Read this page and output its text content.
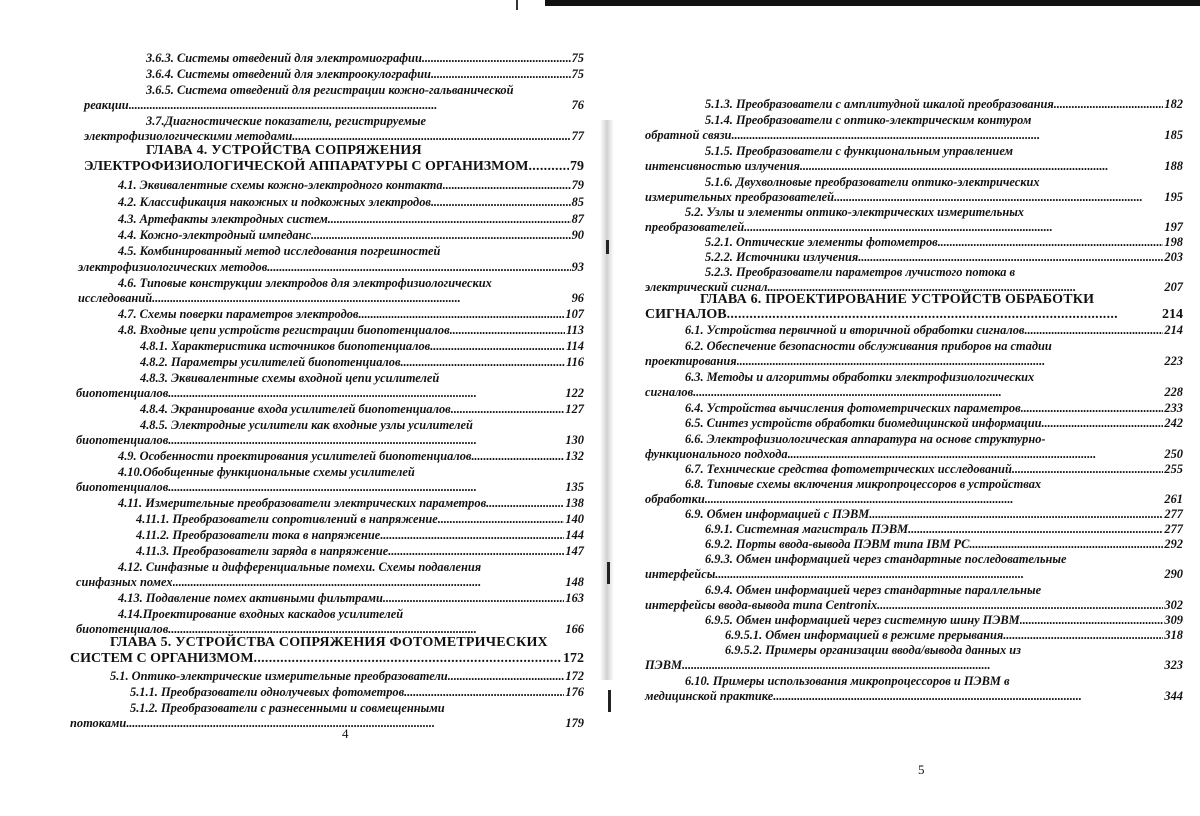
3.6.3. Системы отведений для электромиографии . . .	75
3.6.4. Системы отведений для электроокулографии . . .	75
3.6.5. Система отведений для регистрации кожно-гальванической
реакции . . .	76
3.7.Диагностические показатели, регистрируемые
электрофизиологическими методами . . .	77
ГЛАВА 4. УСТРОЙСТВА СОПРЯЖЕНИЯ
ЭЛЕКТРОФИЗИОЛОГИЧЕСКОЙ АППАРАТУРЫ С ОРГАНИЗМОМ . . .	79
4.1. Эквивалентные схемы кожно-электродного контакта . . .	79
4.2. Классификация накожных и подкожных электродов . . .	85
4.3. Артефакты электродных систем . . .	87
4.4. Кожно-электродный импеданс . . .	90
4.5. Комбинированный метод исследования погрешностей
электрофизиологических методов . . .	93
4.6. Типовые конструкции электродов для электрофизиологических
исследований . . .	96
4.7. Схемы поверки параметров электродов . . .	107
4.8. Входные цепи устройств регистрации биопотенциалов . . .	113
4.8.1. Характеристика источников биопотенциалов . . .	114
4.8.2. Параметры усилителей биопотенциалов . . .	116
4.8.3. Эквивалентные схемы входной цепи усилителей
биопотенциалов . . .	122
4.8.4. Экранирование входа усилителей биопотенциалов . . .	127
4.8.5. Электродные усилители как входные узлы усилителей
биопотенциалов . . .	130
4.9. Особенности проектирования усилителей биопотенциалов . . .	132
4.10.Обобщенные функциональные схемы усилителей
биопотенциалов . . .	135
4.11. Измерительные преобразователи электрических параметров . . .	138
4.11.1. Преобразователи сопротивлений в напряжение . . .	140
4.11.2. Преобразователи тока в напряжение . . .	144
4.11.3. Преобразователи заряда в напряжение . . .	147
4.12. Синфазные и дифференциальные помехи. Схемы подавления
синфазных помех . . .	148
4.13. Подавление помех активными фильтрами . . .	163
4.14.Проектирование входных каскадов усилителей
биопотенциалов . . .	166
ГЛАВА 5. УСТРОЙСТВА СОПРЯЖЕНИЯ ФОТОМЕТРИЧЕСКИХ
СИСТЕМ С ОРГАНИЗМОМ . . .	172
5.1. Оптико-электрические измерительные преобразователи . . .	172
5.1.1. Преобразователи однолучевых фотометров . . .	176
5.1.2. Преобразователи с разнесенными и совмещенными
потоками . . .	179
4
5.1.3. Преобразователи с амплитудной шкалой преобразования . . .	182
5.1.4. Преобразователи с оптико-электрическим контуром
обратной связи . . .	185
5.1.5. Преобразователи с функциональным управлением
интенсивностью излучения . . .	188
5.1.6. Двухволновые преобразователи оптико-электрических
измерительных преобразователей . . .	195
5.2. Узлы и элементы оптико-электрических измерительных
преобразователей . . .	197
5.2.1. Оптические элементы фотометров . . .	198
5.2.2. Источники излучения . . .	203
5.2.3. Преобразователи параметров лучистого потока в
электрический сигнал . . .	207
ГЛАВА 6. ПРОЕКТИРОВАНИЕ УСТРОЙСТВ ОБРАБОТКИ
СИГНАЛОВ . . .	214
6.1. Устройства первичной и вторичной обработки сигналов . . .	214
6.2. Обеспечение безопасности обслуживания приборов на стадии
проектирования . . .	223
6.3. Методы и алгоритмы обработки электрофизиологических
сигналов . . .	228
6.4. Устройства вычисления фотометрических параметров . . .	233
6.5. Синтез устройств обработки биомедицинской информации . . .	242
6.6. Электрофизиологическая аппаратура на основе структурно-
функционального подхода . . .	250
6.7. Технические средства фотометрических исследований . . .	255
6.8. Типовые схемы включения микропроцессоров в устройствах
обработки . . .	261
6.9. Обмен информацией с ПЭВМ . . .	277
6.9.1. Системная магистраль ПЭВМ . . .	277
6.9.2. Порты ввода-вывода ПЭВМ типа IBM PC . . .	292
6.9.3. Обмен информацией через стандартные последовательные
интерфейсы . . .	290
6.9.4. Обмен информацией через стандартные параллельные
интерфейсы ввода-вывода типа Centronix . . .	302
6.9.5. Обмен информацией через системную шину ПЭВМ . . .	309
6.9.5.1. Обмен информацией в режиме прерывания . . .	318
6.9.5.2. Примеры организации ввода/вывода данных из
ПЭВМ . . .	323
6.10. Примеры использования микропроцессоров и ПЭВМ в
медицинской практике . . .	344
5
